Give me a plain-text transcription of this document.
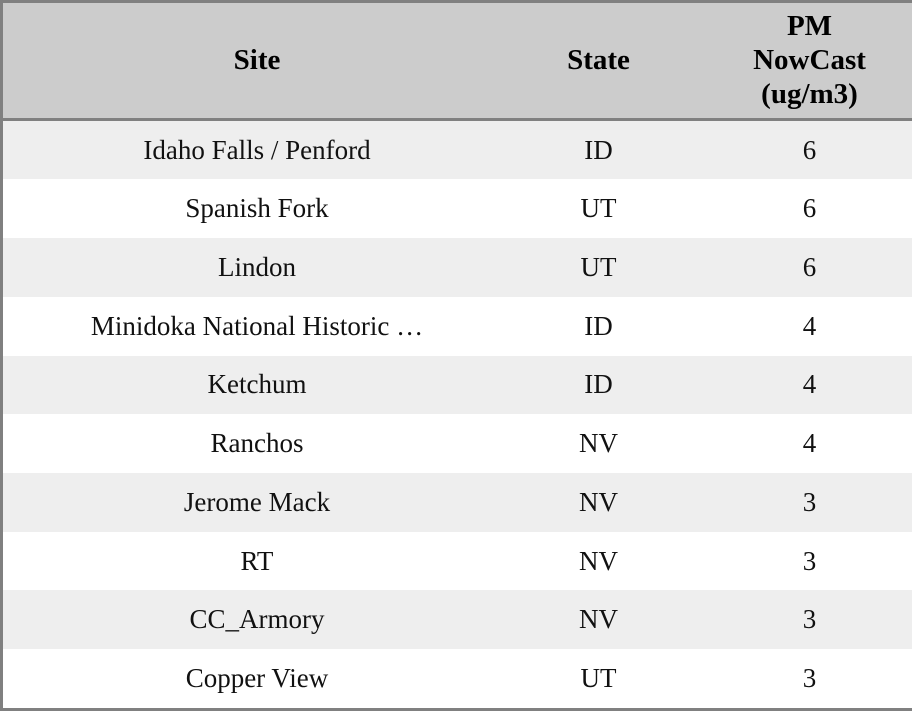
Site	State	PM
NowCast
(ug/m3)

Idaho Falls / Penford	ID	6
Spanish Fork	UT	6
Lindon	UT	6
Minidoka National Historic …	ID	4
Ketchum	ID	4
Ranchos	NV	4
Jerome Mack	NV	3
RT	NV	3
CC_Armory	NV	3
Copper View	UT	3
